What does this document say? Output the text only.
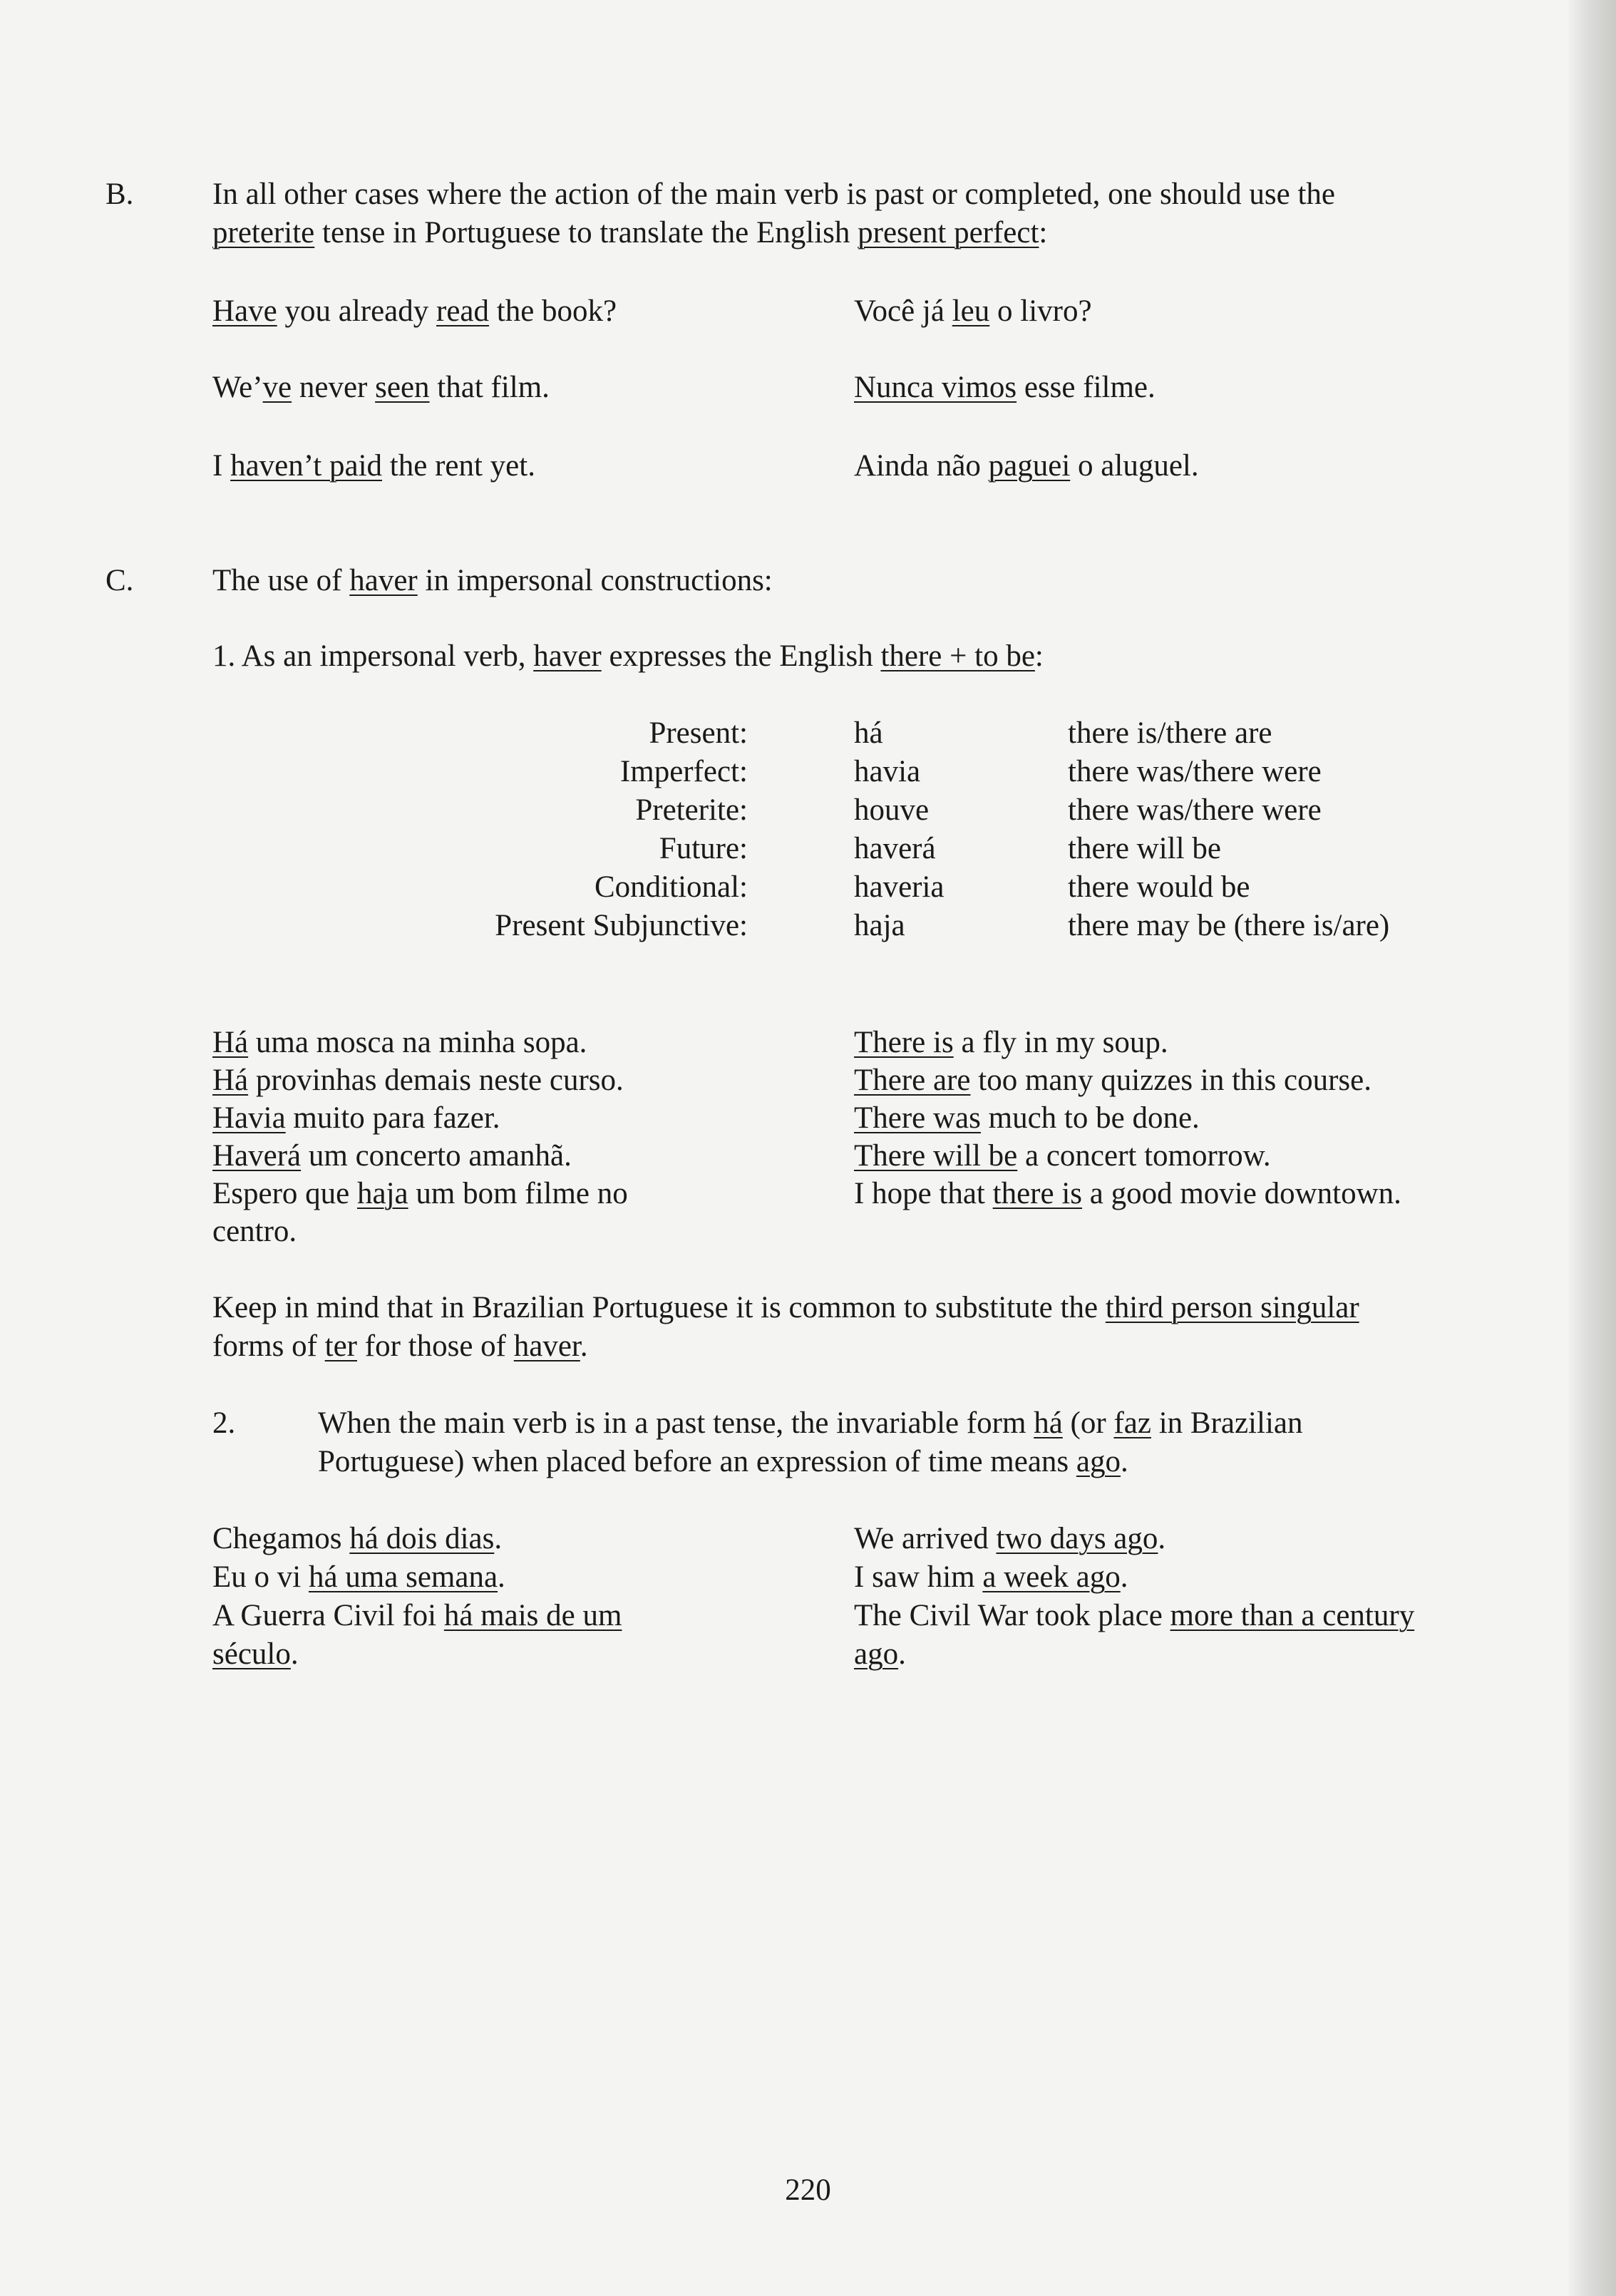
B.	In all other cases where the action of the main verb is past or completed, one should use the
preterite tense in Portuguese to translate the English present perfect:
Have you already read the book?	Você já leu o livro?
We’ve never seen that film.	Nunca vimos esse filme.
I haven’t paid the rent yet.	Ainda não paguei o aluguel.
C.	The use of haver in impersonal constructions:
1. As an impersonal verb, haver expresses the English there + to be:
Present:	há	there is/there are
Imperfect:	havia	there was/there were
Preterite:	houve	there was/there were
Future:	haverá	there will be
Conditional:	haveria	there would be
Present Subjunctive:	haja	there may be (there is/are)
Há uma mosca na minha sopa.	There is a fly in my soup.
Há provinhas demais neste curso.	There are too many quizzes in this course.
Havia muito para fazer.	There was much to be done.
Haverá um concerto amanhã.	There will be a concert tomorrow.
Espero que haja um bom filme no	I hope that there is a good movie downtown.
centro.
Keep in mind that in Brazilian Portuguese it is common to substitute the third person singular
forms of ter for those of haver.
2.	When the main verb is in a past tense, the invariable form há (or faz in Brazilian
Portuguese) when placed before an expression of time means ago.
Chegamos há dois dias.	We arrived two days ago.
Eu o vi há uma semana.	I saw him a week ago.
A Guerra Civil foi há mais de um	The Civil War took place more than a century
século.	ago.
220
